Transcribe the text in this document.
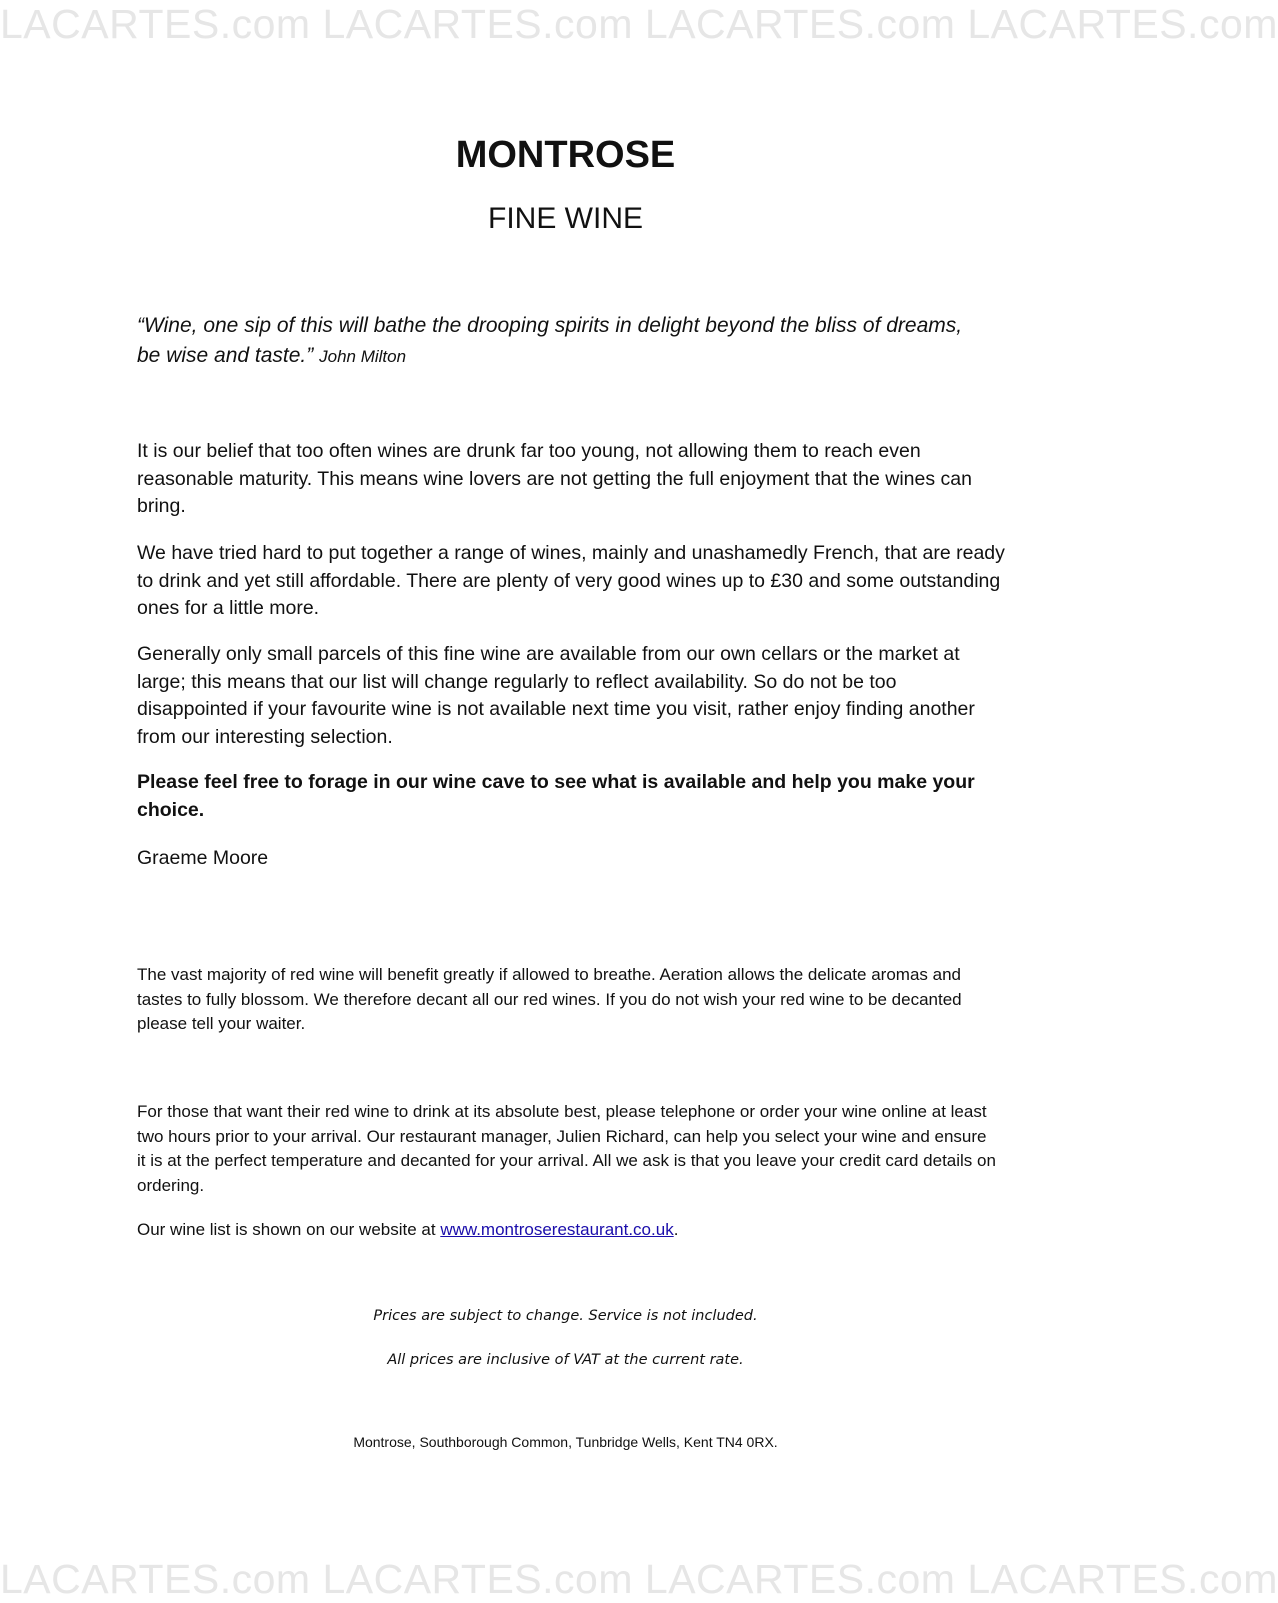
LACARTES.com LACARTES.com LACARTES.com LACARTES.com
MONTROSE
FINE WINE

“Wine, one sip of this will bathe the drooping spirits in delight beyond the bliss of dreams, be wise and taste.” John Milton

It is our belief that too often wines are drunk far too young, not allowing them to reach even reasonable maturity. This means wine lovers are not getting the full enjoyment that the wines can bring.

We have tried hard to put together a range of wines, mainly and unashamedly French, that are ready to drink and yet still affordable. There are plenty of very good wines up to £30 and some outstanding ones for a little more.

Generally only small parcels of this fine wine are available from our own cellars or the market at large; this means that our list will change regularly to reflect availability. So do not be too disappointed if your favourite wine is not available next time you visit, rather enjoy finding another from our interesting selection.

Please feel free to forage in our wine cave to see what is available and help you make your choice.

Graeme Moore

The vast majority of red wine will benefit greatly if allowed to breathe. Aeration allows the delicate aromas and tastes to fully blossom. We therefore decant all our red wines. If you do not wish your red wine to be decanted please tell your waiter.

For those that want their red wine to drink at its absolute best, please telephone or order your wine online at least two hours prior to your arrival. Our restaurant manager, Julien Richard, can help you select your wine and ensure it is at the perfect temperature and decanted for your arrival. All we ask is that you leave your credit card details on ordering.

Our wine list is shown on our website at www.montroserestaurant.co.uk.

Prices are subject to change. Service is not included.

All prices are inclusive of VAT at the current rate.

Montrose, Southborough Common, Tunbridge Wells, Kent TN4 0RX.

LACARTES.com LACARTES.com LACARTES.com LACARTES.com
